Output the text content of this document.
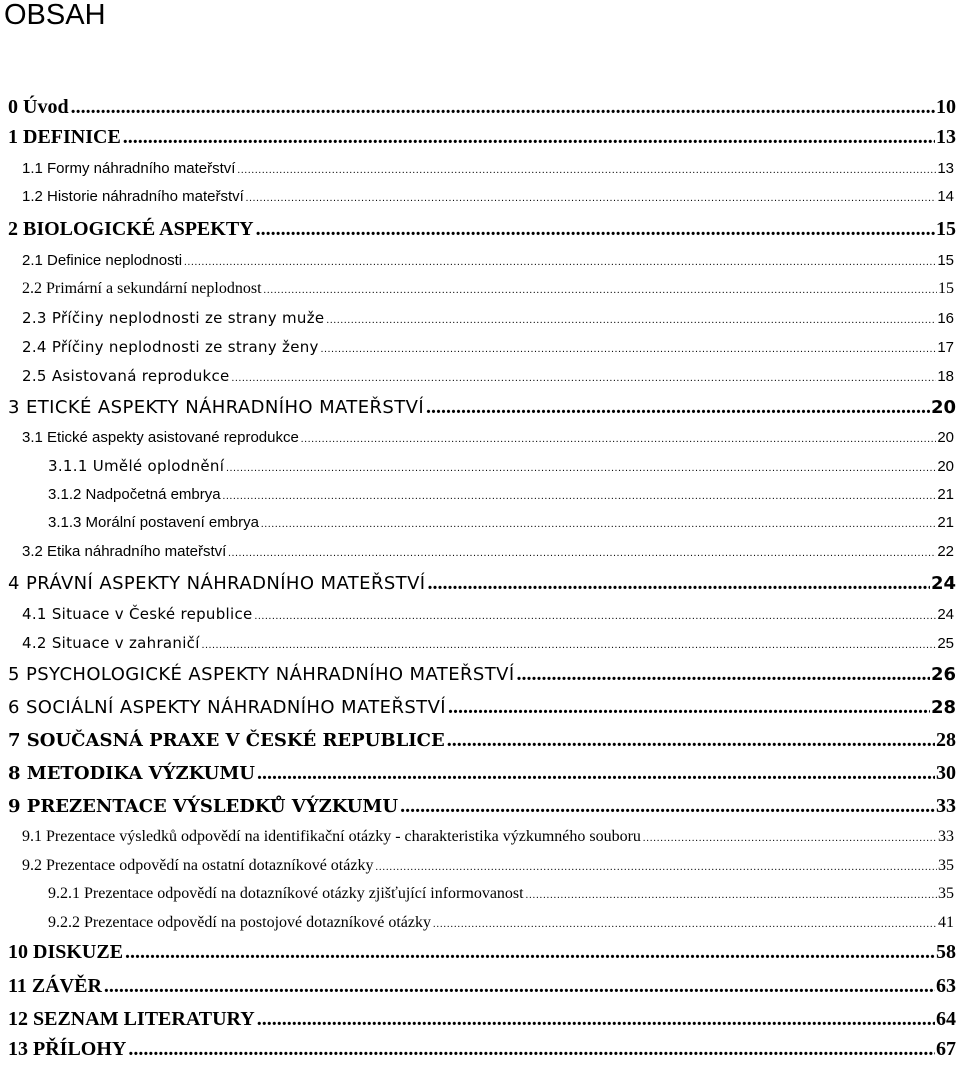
OBSAH
0 Úvod .....	10
1 DEFINICE .....	13
1.1 Formy náhradního mateřství .....	13
1.2 Historie náhradního mateřství .....	14
2 BIOLOGICKÉ ASPEKTY .....	15
2.1 Definice neplodnosti .....	15
2.2 Primární a sekundární neplodnost .....	15
2.3 Příčiny neplodnosti ze strany muže .....	16
2.4 Příčiny neplodnosti ze strany ženy .....	17
2.5 Asistovaná reprodukce .....	18
3 ETICKÉ ASPEKTY NÁHRADNÍHO MATEŘSTVÍ .....	20
3.1 Etické aspekty asistované reprodukce .....	20
3.1.1 Umělé oplodnění .....	20
3.1.2 Nadpočetná embrya .....	21
3.1.3 Morální postavení embrya .....	21
3.2 Etika náhradního mateřství .....	22
4 PRÁVNÍ ASPEKTY NÁHRADNÍHO MATEŘSTVÍ .....	24
4.1 Situace v České republice .....	24
4.2 Situace v zahraničí .....	25
5 PSYCHOLOGICKÉ ASPEKTY NÁHRADNÍHO MATEŘSTVÍ .....	26
6 SOCIÁLNÍ ASPEKTY NÁHRADNÍHO MATEŘSTVÍ .....	28
7 SOUČASNÁ PRAXE V ČESKÉ REPUBLICE .....	28
8 METODIKA VÝZKUMU .....	30
9 PREZENTACE VÝSLEDKŮ VÝZKUMU .....	33
9.1 Prezentace výsledků odpovědí na identifikační otázky - charakteristika výzkumného souboru .....	33
9.2 Prezentace odpovědí na ostatní dotazníkové otázky .....	35
9.2.1 Prezentace odpovědí na dotazníkové otázky zjišťující informovanost .....	35
9.2.2 Prezentace odpovědí na postojové dotazníkové otázky .....	41
10 DISKUZE .....	58
11 ZÁVĚR .....	63
12 SEZNAM LITERATURY .....	64
13 PŘÍLOHY .....	67
